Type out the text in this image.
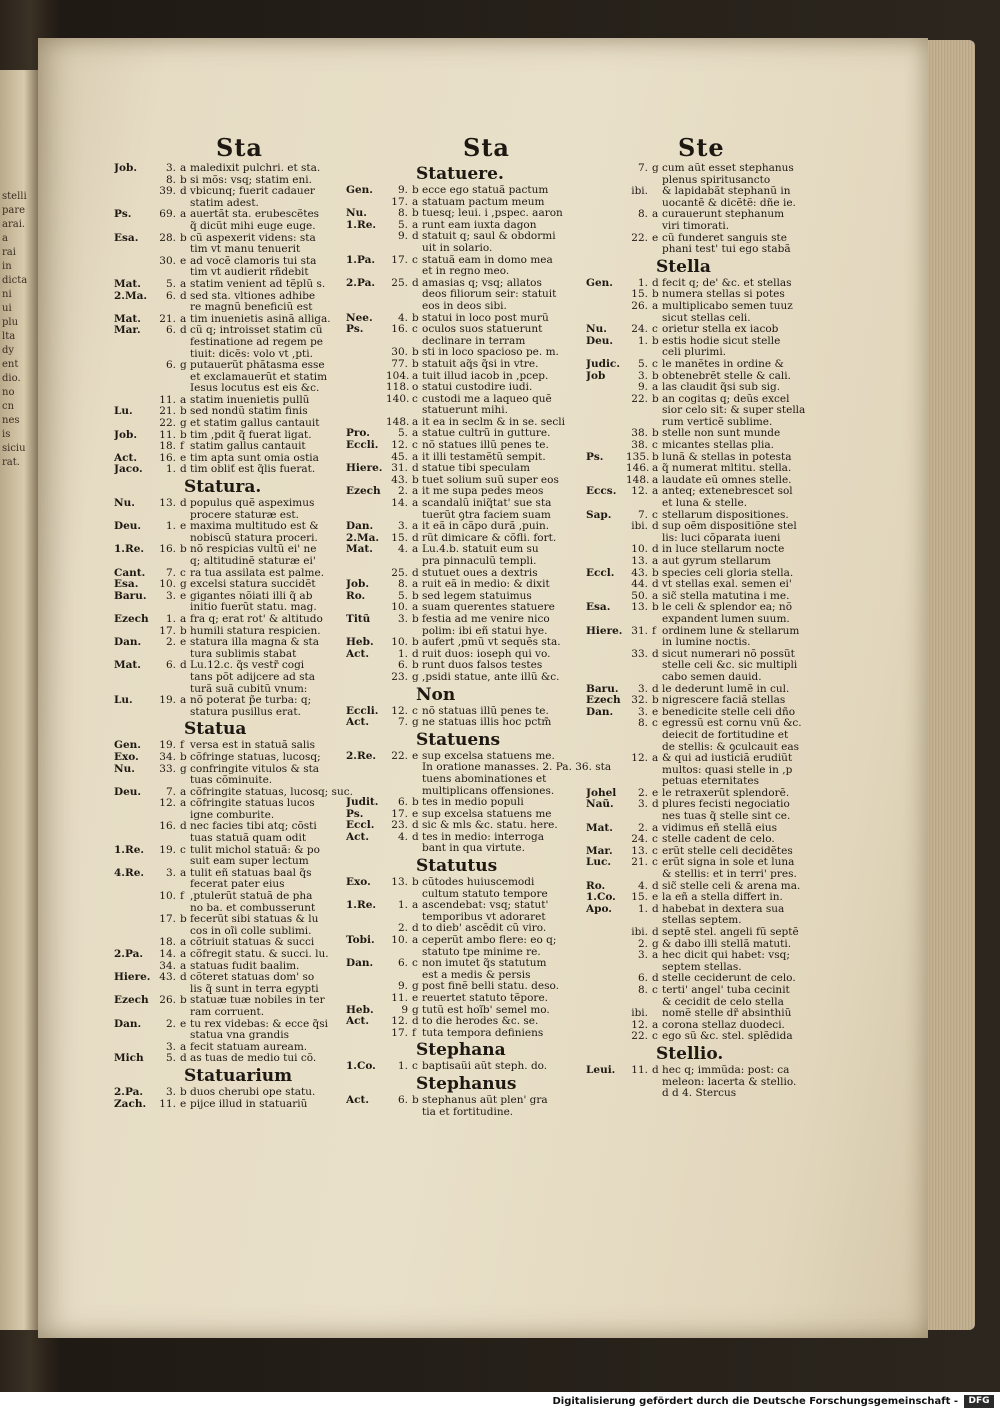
stelli
pare
arai.
a
rai
in
dicta
ni
ui
plu
lta
dy
ent
dio.
no
cn
nes
is
siciu
rat.
Sta	Sta	Ste
Job.	3. a maledixit pulchri. et sta.
8. b si mõs: vsq; statim eni.
39. d vbicunq; fuerit cadauer
statim adest.
Ps.	69. a auertãt sta. erubescẽtes
q̃ dicũt mihi euge euge.
Esa. 28. b cũ aspexerit videns: sta
tim vt manu tenuerit
30. e ad vocẽ clamoris tui sta
tim vt audierit rñdebit
Mat. 5. a statim venient ad tẽplũ s.
2.Ma. 6. d sed sta. vltiones adhibe
re magnũ beneficiũ est
Mat. 21. a tim inuenietis asinã alliga.
Mar. 6. d cũ q; introisset statim cũ
festinatione ad regem pe
tiuit: dicẽs: volo vt ,pti.
6. g putauerũt phãtasma esse
et exclamauerũt et statim
Iesus locutus est eis &c.
11. a statim inuenietis pullũ
Lu.	21. b sed nondũ statim finis
22. g et statim gallus cantauit
Job. 11. b tim ,pdit q̃ fuerat ligat.
18. f statim gallus cantauit
Act. 16. e tim apta sunt omia ostia
Jaco. 1. d tim obliť est q̃lis fuerat.
Statura.
Nu. 13. d populus quẽ aspeximus
procere staturæ est.
Deu. 1. e maxima multitudo est &
nobiscũ statura proceri.
1.Re. 16. b nõ respicias vultũ ei' ne
q; altitudinẽ staturæ ei'
Cant. 7. c ra tua assilata est palme.
Esa. 10. g excelsi statura succidẽt
Baru. 3. e gigantes nõiati illi q̃ ab
initio fuerũt statu. mag.
Ezech 1. a fra q; erat rot' & altitudo
17. b humili statura respicien.
Dan. 2. e statura illa magna & sta
tura sublimis stabat
Mat. 6. d Lu.12.c. q̃s vestr̃ cogi
tans põt adijcere ad sta
turã suã cubitũ vnum:
Lu.	19. a nõ poterat p̃e turba: q;
statura pusillus erat.
Statua
Gen. 19. f versa est in statuã salis
Exo. 34. b cõfringe statuas, lucosq;
Nu. 33. g confringite vitulos & sta
tuas cõminuite.
Deu. 7. a cõfringite statuas, lucosq; suc.
12. a cõfringite statuas lucos
igne comburite.
16. d nec facies tibi atq; cõsti
tuas statuã quam odit
1.Re. 19. c tulit michol statuã: & po
suit eam super lectum
4.Re. 3. a tulit eñ statuas baal q̃s
fecerat pater eius
10. f ,ptulerũt statuã de pha
no ba. et combusserunt
17. b fecerũt sibi statuas & lu
cos in oĩi colle sublimi.
18. a cõtriuit statuas & succi
2.Pa. 14. a cõfregit statu. & succi. lu.
34. a statuas fudit baalim.
Hiere. 43. d cõteret statuas dom' so
lis q̃ sunt in terra egypti
Ezech 26. b statuæ tuæ nobiles in ter
ram corruent.
Dan. 2. e tu rex videbas: & ecce q̃si
statua vna grandis
3. a fecit statuam auream.
Mich 5. d as tuas de medio tui cõ.
Statuarium
2.Pa. 3. b duos cherubi ope statu.
Zach. 11. e pijce illud in statuariũ
Statuere.
Gen. 9. b ecce ego statuã pactum
17. a statuam pactum meum
Nu.	8. b tuesq; leui. i ,pspec. aaron
1.Re. 5. a runt eam iuxta dagon
9. d statuit q; saul & obdormi
uit in solario.
1.Pa. 17. c statuã eam in domo mea
et in regno meo.
2.Pa. 25. d amasias q; vsq; allatos
deos filiorum seir: statuit
eos in deos sibi.
Nee. 4. b statui in loco post murũ
Ps.	16. c oculos suos statuerunt
declinare in terram
30. b sti in loco spacioso pe. m.
77. b statuit aq̃s q̃si in vtre.
104. a tuit illud iacob in ,pcep.
118. o statui custodire iudi.
140. c custodi me a laqueo quẽ
statuerunt mihi.
148. a it ea in seclm & in se. secli
Pro.	5. a statue cultrũ in gutture.
Eccli. 12. c nõ statues illũ penes te.
45. a it illi testamẽtũ sempit.
Hiere. 31. d statue tibi speculam
43. b tuet solium suũ super eos
Ezech 2. a it me supa pedes meos
14. a scandalũ iniq̃tat' sue sta
tuerũt ꝯtra faciem suam
Dan. 3. a it eã in cãpo durã ,puin.
2.Ma. 15. d rũt dimicare & cõfli. fort.
Mat. 4. a Lu.4.b. statuit eum su
pra pinnaculũ templi.
25. d stutuet oues a dextris
Job.	8. a ruit eã in medio: & dixit
Ro.	5. b sed legem statuimus
10. a suam querentes statuere
Titũ	3. b festia ad me venire nico
polim: ibi eñ statui hye.
Heb. 10. b aufert ,pmũ vt sequẽs sta.
Act.	1. d ruit duos: ioseph qui vo.
6. b runt duos falsos testes
23. g ,psidi statue, ante illũ &c.
Non
Eccli. 12. c nõ statuas illũ penes te.
Act.	7. g ne statuas illis hoc pctm̃
Statuens
2.Re. 22. e sup excelsa statuens me.
In oratione manasses. 2. Pa. 36. sta
tuens abominationes et
multiplicans offensiones.
Judit. 6. b tes in medio populi
Ps.	17. e sup excelsa statuens me
Eccl. 23. d sic & mls &c. statu. here.
Act.	4. d tes in medio: interroga
bant in qua virtute.
Statutus
Exo. 13. b cũtodes huiuscemodi
cultum statuto tempore
1.Re. 1. a ascendebat: vsq; statut'
temporibus vt adoraret
2. d to dieb' ascẽdit cũ viro.
Tobi. 10. a ceperũt ambo flere: eo q;
statuto tpe minime re.
Dan. 6. c non imutet q̃s statutum
est a medis & persis
9. g post finẽ belli statu. deso.
11. e reuertet statuto tẽpore.
Heb.	9 g tutũ est hoĩb' semel mo.
Act. 12. d to die herodes &c. se.
17. f tuta tempora definiens
Stephana
1.Co. 1. c baptisaũi aũt steph. do.
Stephanus
Act.	6. b stephanus aũt plen' gra
tia et fortitudine.
7. g cum aũt esset stephanus
plenus spiritusancto
ibi. & lapidabãt stephanũ in
uocantẽ & dicẽtẽ: dñe ie.
8. a curauerunt stephanum
viri timorati.
22. e cũ funderet sanguis ste
phani test' tui ego stabã
Stella
Gen. 1. d fecit q; de' &c. et stellas
15. b numera stellas si potes
26. a multiplicabo semen tuuz
sicut stellas celi.
Nu. 24. c orietur stella ex iacob
Deu. 1. b estis hodie sicut stelle
celi plurimi.
Judic. 5. c le manẽtes in ordine &
Job	3. b obtenebrẽt stelle & cali.
9. a las claudit q̃si sub sig.
22. b an cogitas q; deũs excel
sior celo sit: & super stella
rum verticẽ sublime.
38. b stelle non sunt munde
38. c micantes stellas plia.
Ps. 135. b lunã & stellas in potesta
146. a q̃ numerat mltitu. stella.
148. a laudate eũ omnes stelle.
Eccs. 12. a anteq; extenebrescet sol
et luna & stelle.
Sap.	7. c stellarum dispositiones.
ibi. d sup oẽm dispositiõne stel
lis: luci cõparata iueni
10. d in luce stellarum nocte
13. a aut gyrum stellarum
Eccl. 43. b species celi gloria stella.
44. d vt stellas exal. semen ei'
50. a sic̃ stella matutina i me.
Esa. 13. b le celi & splendor ea; nõ
expandent lumen suum.
Hiere. 31. f ordinem lune & stellarum
in lumine noctis.
33. d sicut numerari nõ possũt
stelle celi &c. sic multipli
cabo semen dauid.
Baru. 3. d le dederunt lumẽ in cul.
Ezech 32. b nigrescere faciã stellas
Dan. 3. e benedicite stelle celi dño
8. c egressũ est cornu vnũ &c.
deiecit de fortitudine et
de stellis: & ꝯculcauit eas
12. a & qui ad iusticiã erudiũt
multos: quasi stelle in ,p
petuas eternitates
Johel 2. e le retraxerũt splendorẽ.
Naũ. 3. d plures fecisti negociatio
nes tuas q̃ stelle sint ce.
Mat. 2. a vidimus eñ stellã eius
24. c stelle cadent de celo.
Mar. 13. c erũt stelle celi decidẽtes
Luc. 21. c erũt signa in sole et luna
& stellis: et in terri' pres.
Ro.	4. d sic̃ stelle celi & arena ma.
1.Co. 15. e la eñ a stella differt in.
Apo. 1. d habebat in dextera sua
stellas septem.
ibi. d septẽ stel. angeli fũ septẽ
2. g & dabo illi stellã matuti.
3. a hec dicit qui habet: vsq;
septem stellas.
6. d stelle ceciderunt de celo.
8. c terti' angel' tuba cecinit
& cecidit de celo stella
ibi. nomẽ stelle dr̃ absinthiũ
12. a corona stellaz duodeci.
22. c ego sũ &c. stel. splẽdida
Stellio.
Leui. 11. d hec q; immũda: post: ca
meleon: lacerta & stellio.
d d 4. Stercus
Digitalisierung gefördert durch die Deutsche Forschungsgemeinschaft -	DFG
